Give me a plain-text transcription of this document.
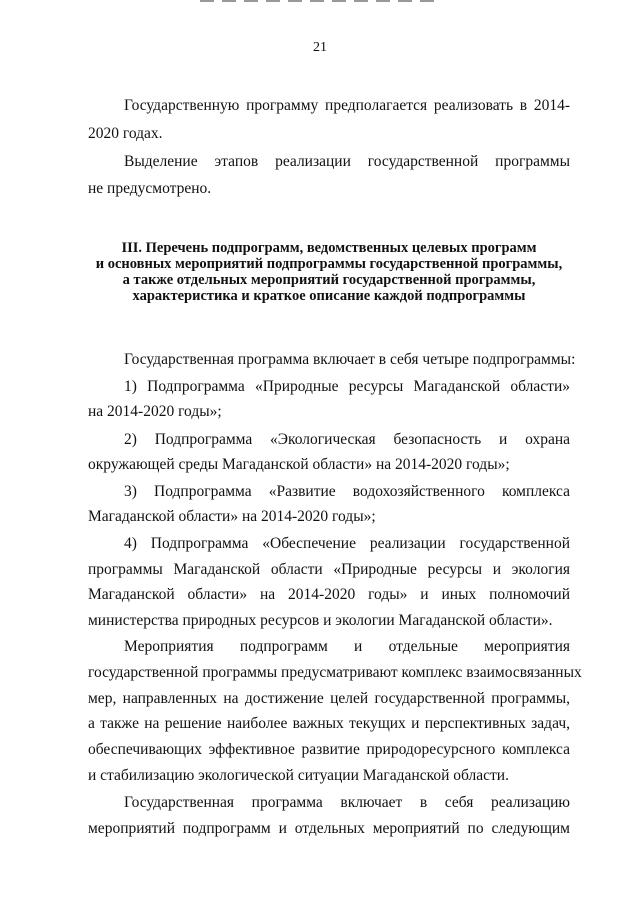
21
Государственную программу предполагается реализовать в 2014-
2020 годах.
Выделение этапов реализации государственной программы
не предусмотрено.
III. Перечень подпрограмм, ведомственных целевых программ
и основных мероприятий подпрограммы государственной программы,
а также отдельных мероприятий государственной программы,
характеристика и краткое описание каждой подпрограммы
Государственная программа включает в себя четыре подпрограммы:
1) Подпрограмма «Природные ресурсы Магаданской области»
на 2014-2020 годы»;
2) Подпрограмма «Экологическая безопасность и охрана
окружающей среды Магаданской области» на 2014-2020 годы»;
3) Подпрограмма «Развитие водохозяйственного комплекса
Магаданской области» на 2014-2020 годы»;
4) Подпрограмма «Обеспечение реализации государственной
программы Магаданской области «Природные ресурсы и экология
Магаданской области» на 2014-2020 годы» и иных полномочий
министерства природных ресурсов и экологии Магаданской области».
Мероприятия подпрограмм и отдельные мероприятия
государственной программы предусматривают комплекс взаимосвязанных
мер, направленных на достижение целей государственной программы,
а также на решение наиболее важных текущих и перспективных задач,
обеспечивающих эффективное развитие природоресурсного комплекса
и стабилизацию экологической ситуации Магаданской области.
Государственная программа включает в себя реализацию
мероприятий подпрограмм и отдельных мероприятий по следующим
